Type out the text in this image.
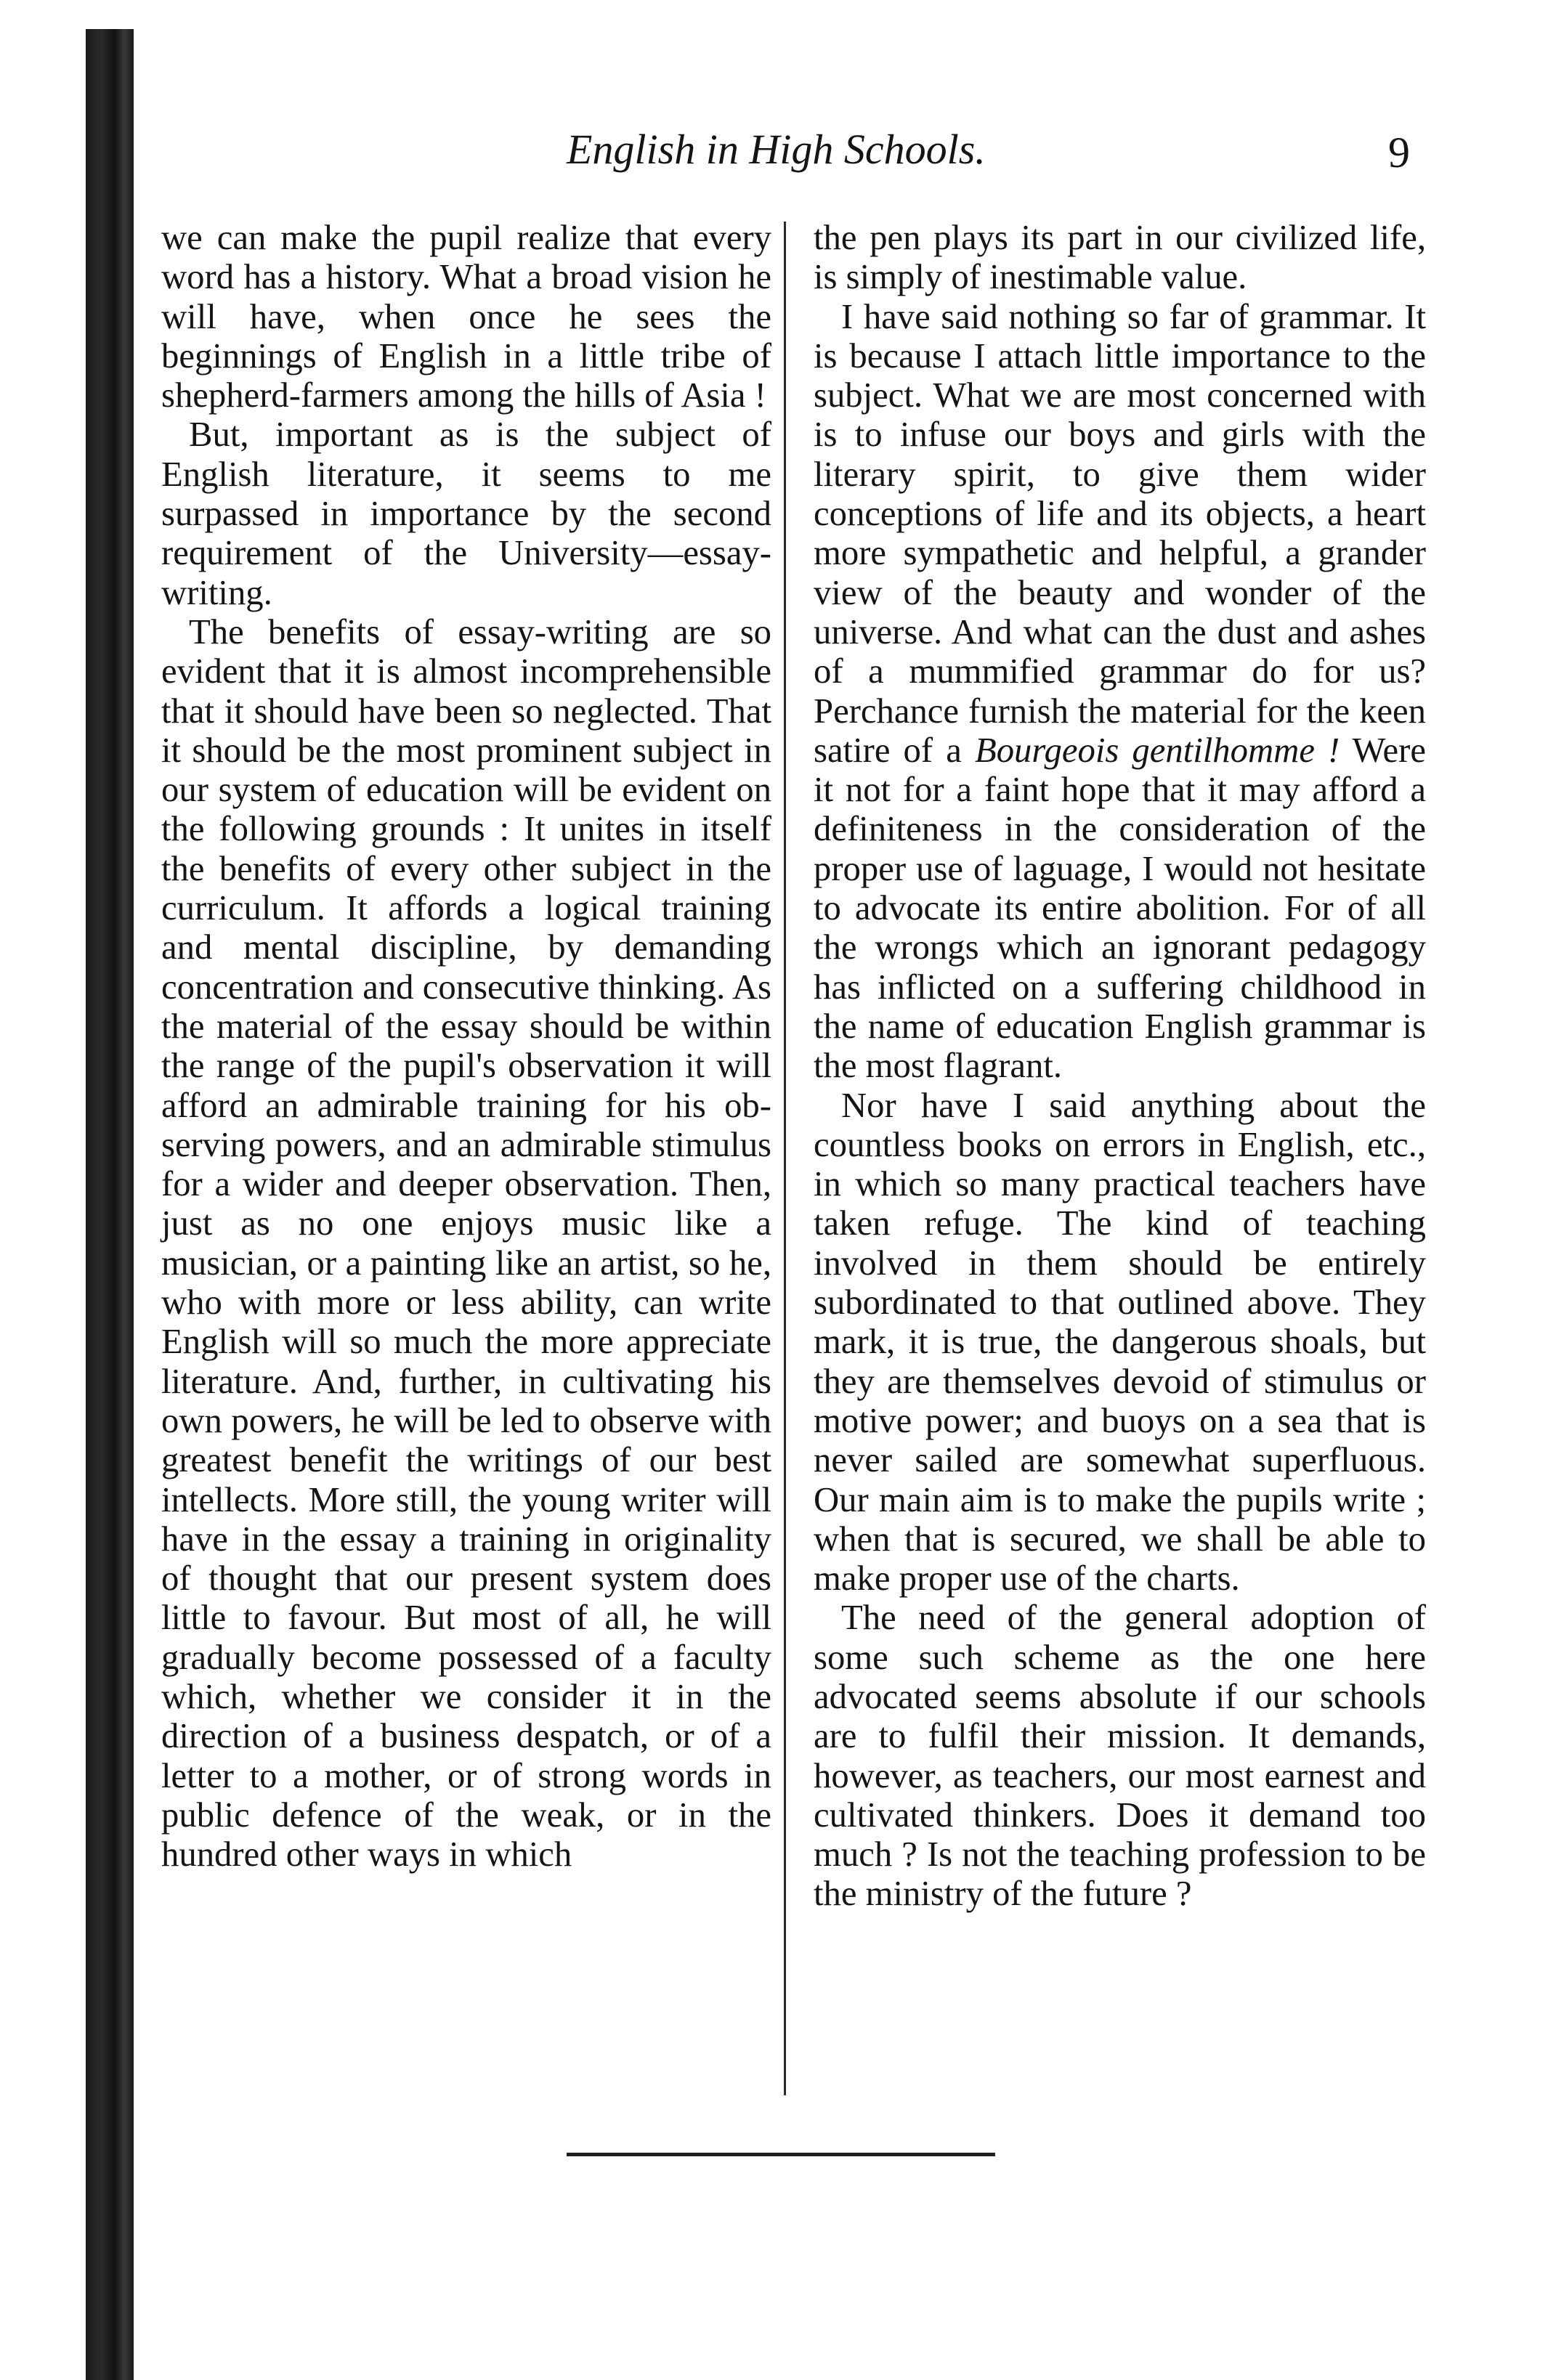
English in High Schools.	9

we can make the pupil realize that every word has a history. What a broad vision he will have, when once he sees the beginnings of English in a little tribe of shepherd-farmers among the hills of Asia !

But, important as is the subject of English literature, it seems to me surpassed in importance by the second requirement of the University—essay-writing.

The benefits of essay-writing are so evident that it is almost incomprehensible that it should have been so neglected. That it should be the most prominent subject in our system of education will be evident on the following grounds : It unites in itself the benefits of every other subject in the curriculum. It affords a logical training and mental discipline, by demanding concentration and consecutive thinking. As the material of the essay should be within the range of the pupil's observation it will afford an admirable training for his observing powers, and an admirable stimulus for a wider and deeper observation. Then, just as no one enjoys music like a musician, or a painting like an artist, so he, who with more or less ability, can write English will so much the more appreciate literature. And, further, in cultivating his own powers, he will be led to observe with greatest benefit the writings of our best intellects. More still, the young writer will have in the essay a training in originality of thought that our present system does little to favour. But most of all, he will gradually become possessed of a faculty which, whether we consider it in the direction of a business despatch, or of a letter to a mother, or of strong words in public defence of the weak, or in the hundred other ways in which

the pen plays its part in our civilized life, is simply of inestimable value.

I have said nothing so far of grammar. It is because I attach little importance to the subject. What we are most concerned with is to infuse our boys and girls with the literary spirit, to give them wider conceptions of life and its objects, a heart more sympathetic and helpful, a grander view of the beauty and wonder of the universe. And what can the dust and ashes of a mummified grammar do for us? Perchance furnish the material for the keen satire of a Bourgeois gentilhomme ! Were it not for a faint hope that it may afford a definiteness in the consideration of the proper use of laguage, I would not hesitate to advocate its entire abolition. For of all the wrongs which an ignorant pedagogy has inflicted on a suffering childhood in the name of education English grammar is the most flagrant.

Nor have I said anything about the countless books on errors in English, etc., in which so many practical teachers have taken refuge. The kind of teaching involved in them should be entirely subordinated to that outlined above. They mark, it is true, the dangerous shoals, but they are themselves devoid of stimulus or motive power; and buoys on a sea that is never sailed are somewhat superfluous. Our main aim is to make the pupils write ; when that is secured, we shall be able to make proper use of the charts.

The need of the general adoption of some such scheme as the one here advocated seems absolute if our schools are to fulfil their mission. It demands, however, as teachers, our most earnest and cultivated thinkers. Does it demand too much ? Is not the teaching profession to be the ministry of the future ?
